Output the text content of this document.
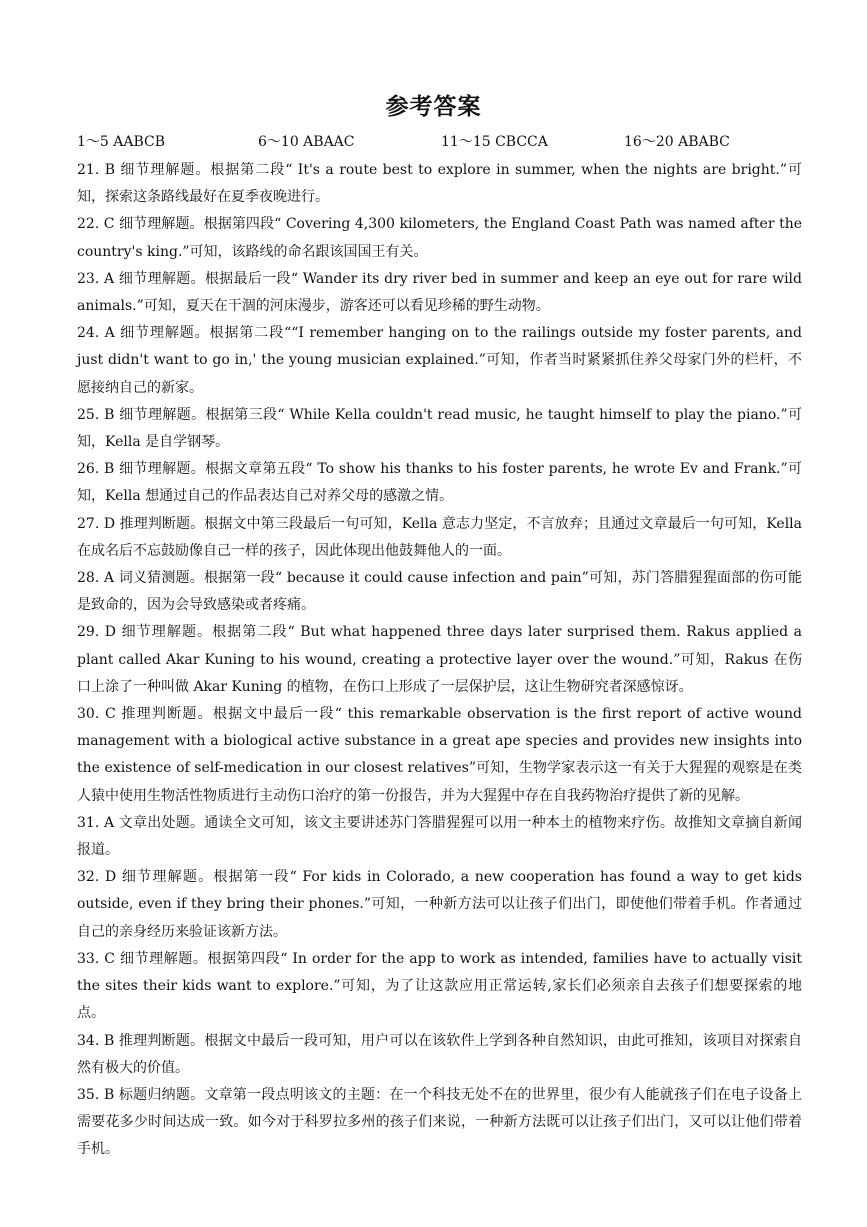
参考答案
1～5 AABCB	6～10 ABAAC	11～15 CBCCA	16～20 ABABC

21. B 细节理解题。根据第二段“ It's a route best to explore in summer, when the nights are bright.”可知，探索这条路线最好在夏季夜晚进行。

22. C 细节理解题。根据第四段“ Covering 4,300 kilometers, the England Coast Path was named after the country's king.”可知，该路线的命名跟该国国王有关。

23. A 细节理解题。根据最后一段“ Wander its dry river bed in summer and keep an eye out for rare wild animals.”可知，夏天在干涸的河床漫步，游客还可以看见珍稀的野生动物。

24. A 细节理解题。根据第二段““I remember hanging on to the railings outside my foster parents, and just didn't want to go in,' the young musician explained.”可知，作者当时紧紧抓住养父母家门外的栏杆，不愿接纳自己的新家。

25. B 细节理解题。根据第三段“ While Kella couldn't read music, he taught himself to play the piano.”可知，Kella 是自学钢琴。

26. B 细节理解题。根据文章第五段“ To show his thanks to his foster parents, he wrote Ev and Frank.”可知，Kella 想通过自己的作品表达自己对养父母的感激之情。

27. D 推理判断题。根据文中第三段最后一句可知，Kella 意志力坚定，不言放弃；且通过文章最后一句可知，Kella 在成名后不忘鼓励像自己一样的孩子，因此体现出他鼓舞他人的一面。

28. A 词义猜测题。根据第一段“ because it could cause infection and pain”可知，苏门答腊猩猩面部的伤可能是致命的，因为会导致感染或者疼痛。

29. D 细节理解题。根据第二段“ But what happened three days later surprised them. Rakus applied a plant called Akar Kuning to his wound, creating a protective layer over the wound.”可知，Rakus 在伤口上涂了一种叫做 Akar Kuning 的植物，在伤口上形成了一层保护层，这让生物研究者深感惊讶。

30. C 推理判断题。根据文中最后一段“ this remarkable observation is the first report of active wound management with a biological active substance in a great ape species and provides new insights into the existence of self-medication in our closest relatives”可知，生物学家表示这一有关于大猩猩的观察是在类人猿中使用生物活性物质进行主动伤口治疗的第一份报告，并为大猩猩中存在自我药物治疗提供了新的见解。

31. A 文章出处题。通读全文可知，该文主要讲述苏门答腊猩猩可以用一种本土的植物来疗伤。故推知文章摘自新闻报道。

32. D 细节理解题。根据第一段“ For kids in Colorado, a new cooperation has found a way to get kids outside, even if they bring their phones.”可知，一种新方法可以让孩子们出门，即使他们带着手机。作者通过自己的亲身经历来验证该新方法。

33. C 细节理解题。根据第四段“ In order for the app to work as intended, families have to actually visit the sites their kids want to explore.”可知，为了让这款应用正常运转,家长们必须亲自去孩子们想要探索的地点。

34. B 推理判断题。根据文中最后一段可知，用户可以在该软件上学到各种自然知识，由此可推知，该项目对探索自然有极大的价值。

35. B 标题归纳题。文章第一段点明该文的主题：在一个科技无处不在的世界里，很少有人能就孩子们在电子设备上需要花多少时间达成一致。如今对于科罗拉多州的孩子们来说，一种新方法既可以让孩子们出门，又可以让他们带着手机。
